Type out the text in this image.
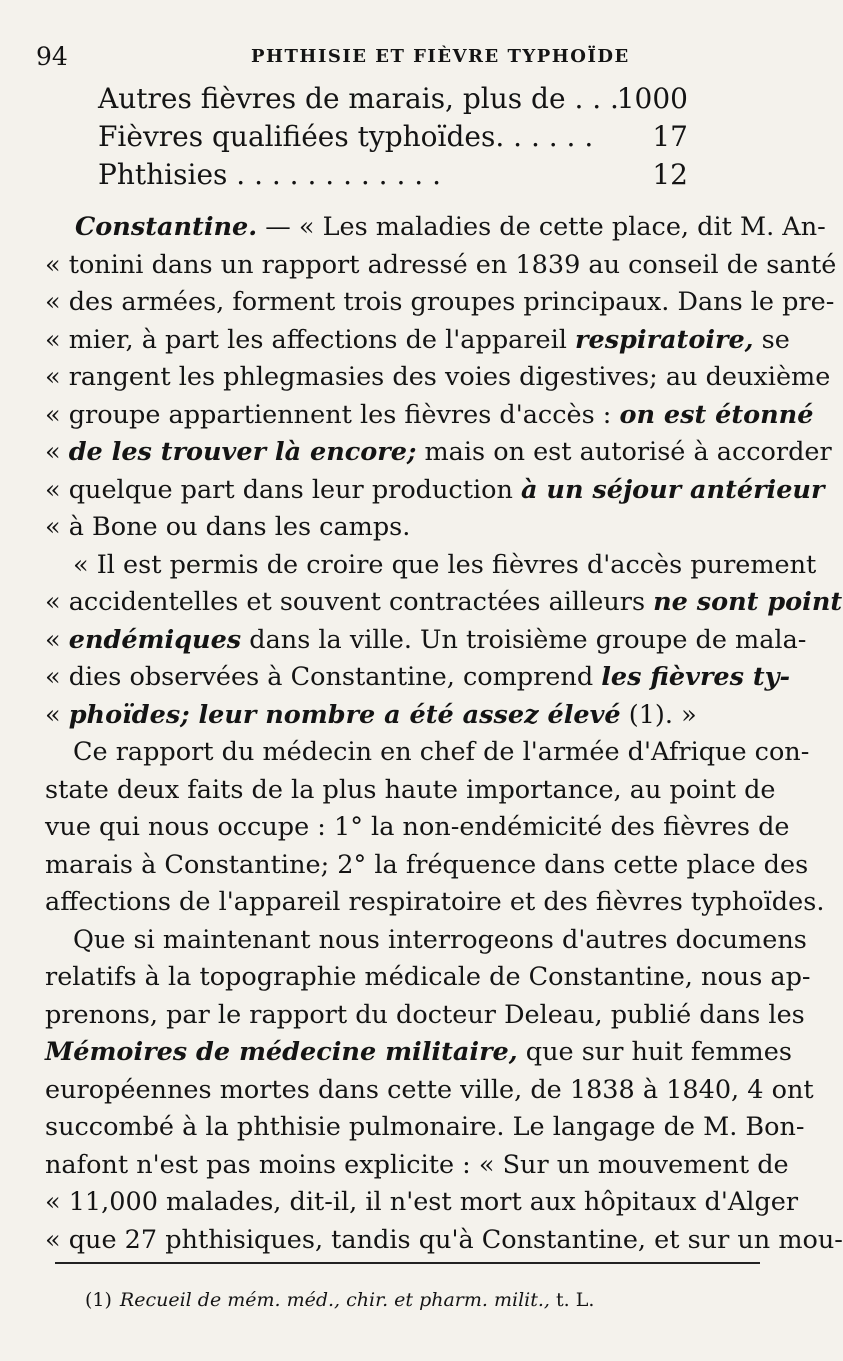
94	PHTHISIE ET FIÈVRE TYPHOÏDE
Autres fièvres de marais, plus de . . .
1000
Fièvres qualifiées typhoïdes. . . . . . 17
Phthisies . . . . . . . . . . . .	12
Constantine. — « Les maladies de cette place, dit M. An-
« tonini dans un rapport adressé en 1839 au conseil de santé
« des armées, forment trois groupes principaux. Dans le pre-
« mier, à part les affections de l'appareil respiratoire, se
« rangent les phlegmasies des voies digestives; au deuxième
« groupe appartiennent les fièvres d'accès : on est étonné
« de les trouver là encore; mais on est autorisé à accorder
« quelque part dans leur production à un séjour antérieur
« à Bone ou dans les camps.
« Il est permis de croire que les fièvres d'accès purement
« accidentelles et souvent contractées ailleurs ne sont point
« endémiques dans la ville. Un troisième groupe de mala-
« dies observées à Constantine, comprend les fièvres ty-
« phoïdes; leur nombre a été assez élevé (1). »
Ce rapport du médecin en chef de l'armée d'Afrique con-
state deux faits de la plus haute importance, au point de
vue qui nous occupe : 1° la non-endémicité des fièvres de
marais à Constantine; 2° la fréquence dans cette place des
affections de l'appareil respiratoire et des fièvres typhoïdes.
Que si maintenant nous interrogeons d'autres documens
relatifs à la topographie médicale de Constantine, nous ap-
prenons, par le rapport du docteur Deleau, publié dans les
Mémoires de médecine militaire, que sur huit femmes
européennes mortes dans cette ville, de 1838 à 1840, 4 ont
succombé à la phthisie pulmonaire. Le langage de M. Bon-
nafont n'est pas moins explicite : « Sur un mouvement de
« 11,000 malades, dit-il, il n'est mort aux hôpitaux d'Alger
« que 27 phthisiques, tandis qu'à Constantine, et sur un mou-
(1) Recueil de mém. méd., chir. et pharm. milit., t. L.
